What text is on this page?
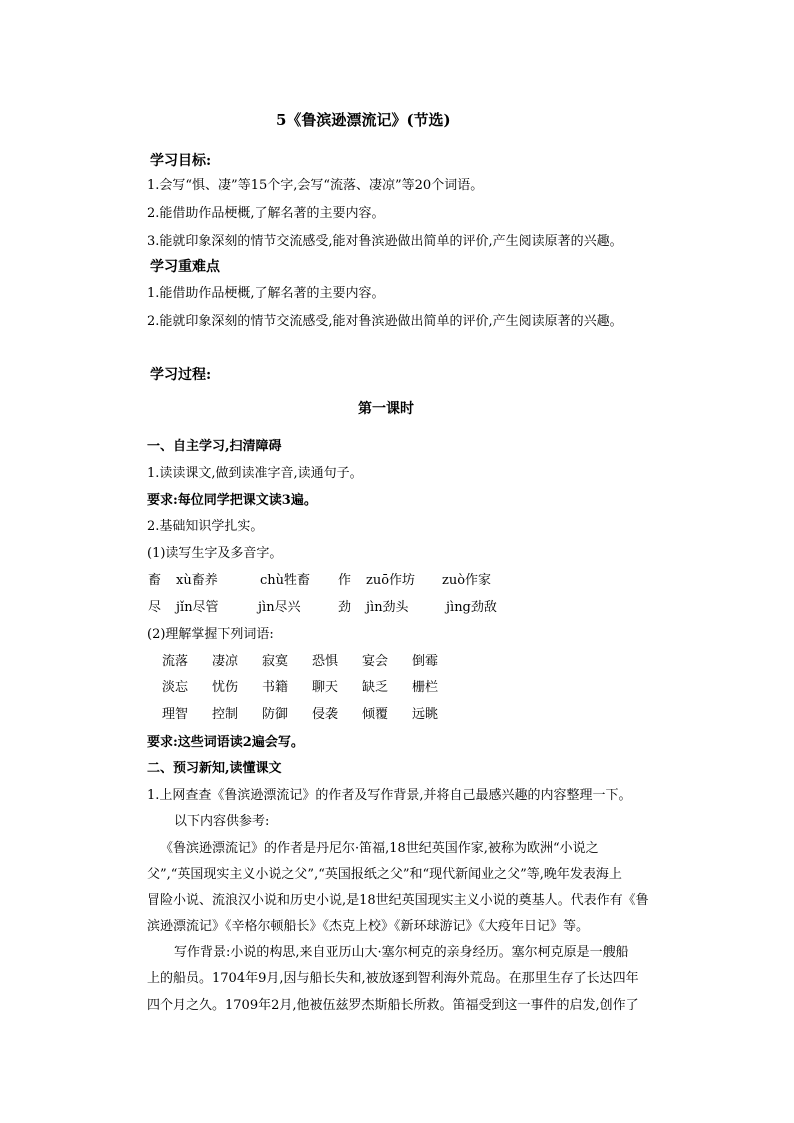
5《鲁滨逊漂流记》(节选)
学习目标:
1.会写“惧、凄”等15个字,会写“流落、凄凉”等20个词语。
2.能借助作品梗概,了解名著的主要内容。
3.能就印象深刻的情节交流感受,能对鲁滨逊做出简单的评价,产生阅读原著的兴趣。
学习重难点
1.能借助作品梗概,了解名著的主要内容。
2.能就印象深刻的情节交流感受,能对鲁滨逊做出简单的评价,产生阅读原著的兴趣。
学习过程:
第一课时
一、自主学习,扫清障碍
1.读读课文,做到读准字音,读通句子。
要求:每位同学把课文读3遍。
2.基础知识学扎实。
(1)读写生字及多音字。
畜 xù畜养	chù牲畜 作 zuō作坊 zuò作家
尽 jǐn尽管	jìn尽兴	劲 jìn劲头	jìng劲敌
(2)理解掌握下列词语:
流落 凄凉 寂寞 恐惧 宴会 倒霉
淡忘 忧伤 书籍 聊天 缺乏 栅栏
理智 控制 防御 侵袭 倾覆 远眺
要求:这些词语读2遍会写。
二、预习新知,读懂课文
1.上网查查《鲁滨逊漂流记》的作者及写作背景,并将自己最感兴趣的内容整理一下。
以下内容供参考:
《鲁滨逊漂流记》的作者是丹尼尔·笛福,18世纪英国作家,被称为欧洲“小说之
父”,“英国现实主义小说之父”,“英国报纸之父”和“现代新闻业之父”等,晚年发表海上
冒险小说、流浪汉小说和历史小说,是18世纪英国现实主义小说的奠基人。代表作有《鲁
滨逊漂流记》《辛格尔顿船长》《杰克上校》《新环球游记》《大疫年日记》等。
写作背景:小说的构思,来自亚历山大·塞尔柯克的亲身经历。塞尔柯克原是一艘船
上的船员。1704年9月,因与船长失和,被放逐到智利海外荒岛。在那里生存了长达四年
四个月之久。1709年2月,他被伍兹罗杰斯船长所救。笛福受到这一事件的启发,创作了
